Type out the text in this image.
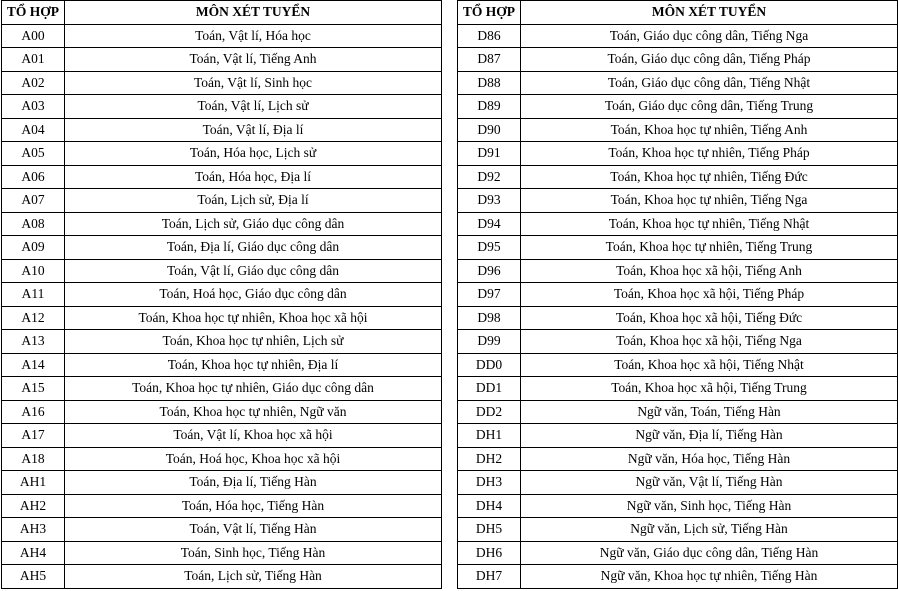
TỔ HỢP	MÔN XÉT TUYỂN
A00	Toán, Vật lí, Hóa học
A01	Toán, Vật lí, Tiếng Anh
A02	Toán, Vật lí, Sinh học
A03	Toán, Vật lí, Lịch sử
A04	Toán, Vật lí, Địa lí
A05	Toán, Hóa học, Lịch sử
A06	Toán, Hóa học, Địa lí
A07	Toán, Lịch sử, Địa lí
A08	Toán, Lịch sử, Giáo dục công dân
A09	Toán, Địa lí, Giáo dục công dân
A10	Toán, Vật lí, Giáo dục công dân
A11	Toán, Hoá học, Giáo dục công dân
A12	Toán, Khoa học tự nhiên, Khoa học xã hội
A13	Toán, Khoa học tự nhiên, Lịch sử
A14	Toán, Khoa học tự nhiên, Địa lí
A15	Toán, Khoa học tự nhiên, Giáo dục công dân
A16	Toán, Khoa học tự nhiên, Ngữ văn
A17	Toán, Vật lí, Khoa học xã hội
A18	Toán, Hoá học, Khoa học xã hội
AH1	Toán, Địa lí, Tiếng Hàn
AH2	Toán, Hóa học, Tiếng Hàn
AH3	Toán, Vật lí, Tiếng Hàn
AH4	Toán, Sinh học, Tiếng Hàn
AH5	Toán, Lịch sử, Tiếng Hàn
TỔ HỢP	MÔN XÉT TUYỂN
D86	Toán, Giáo dục công dân, Tiếng Nga
D87	Toán, Giáo dục công dân, Tiếng Pháp
D88	Toán, Giáo dục công dân, Tiếng Nhật
D89	Toán, Giáo dục công dân, Tiếng Trung
D90	Toán, Khoa học tự nhiên, Tiếng Anh
D91	Toán, Khoa học tự nhiên, Tiếng Pháp
D92	Toán, Khoa học tự nhiên, Tiếng Đức
D93	Toán, Khoa học tự nhiên, Tiếng Nga
D94	Toán, Khoa học tự nhiên, Tiếng Nhật
D95	Toán, Khoa học tự nhiên, Tiếng Trung
D96	Toán, Khoa học xã hội, Tiếng Anh
D97	Toán, Khoa học xã hội, Tiếng Pháp
D98	Toán, Khoa học xã hội, Tiếng Đức
D99	Toán, Khoa học xã hội, Tiếng Nga
DD0	Toán, Khoa học xã hội, Tiếng Nhật
DD1	Toán, Khoa học xã hội, Tiếng Trung
DD2	Ngữ văn, Toán, Tiếng Hàn
DH1	Ngữ văn, Địa lí, Tiếng Hàn
DH2	Ngữ văn, Hóa học, Tiếng Hàn
DH3	Ngữ văn, Vật lí, Tiếng Hàn
DH4	Ngữ văn, Sinh học, Tiếng Hàn
DH5	Ngữ văn, Lịch sử, Tiếng Hàn
DH6	Ngữ văn, Giáo dục công dân, Tiếng Hàn
DH7	Ngữ văn, Khoa học tự nhiên, Tiếng Hàn
